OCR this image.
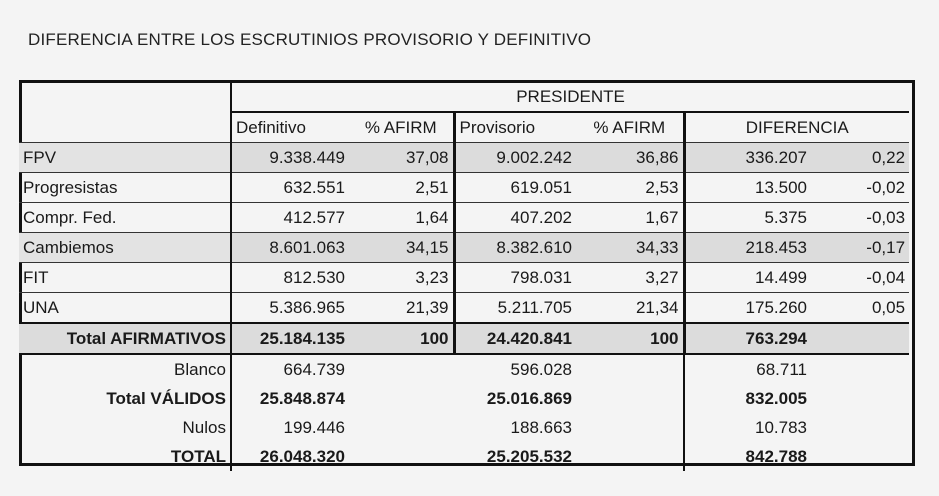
DIFERENCIA ENTRE LOS ESCRUTINIOS PROVISORIO Y DEFINITIVO
	PRESIDENTE					
	Definitivo	% AFIRM	Provisorio	% AFIRM	DIFERENCIA	
FPV	9.338.449	37,08	9.002.242	36,86	336.207	0,22
Progresistas	632.551	2,51	619.051	2,53	13.500	-0,02
Compr. Fed.	412.577	1,64	407.202	1,67	5.375	-0,03
Cambiemos	8.601.063	34,15	8.382.610	34,33	218.453	-0,17
FIT	812.530	3,23	798.031	3,27	14.499	-0,04
UNA	5.386.965	21,39	5.211.705	21,34	175.260	0,05
Total AFIRMATIVOS	25.184.135	100	24.420.841	100	763.294	
Blanco	664.739		596.028		68.711	
Total VÁLIDOS	25.848.874		25.016.869		832.005	
Nulos	199.446		188.663		10.783	
TOTAL	26.048.320		25.205.532		842.788	
